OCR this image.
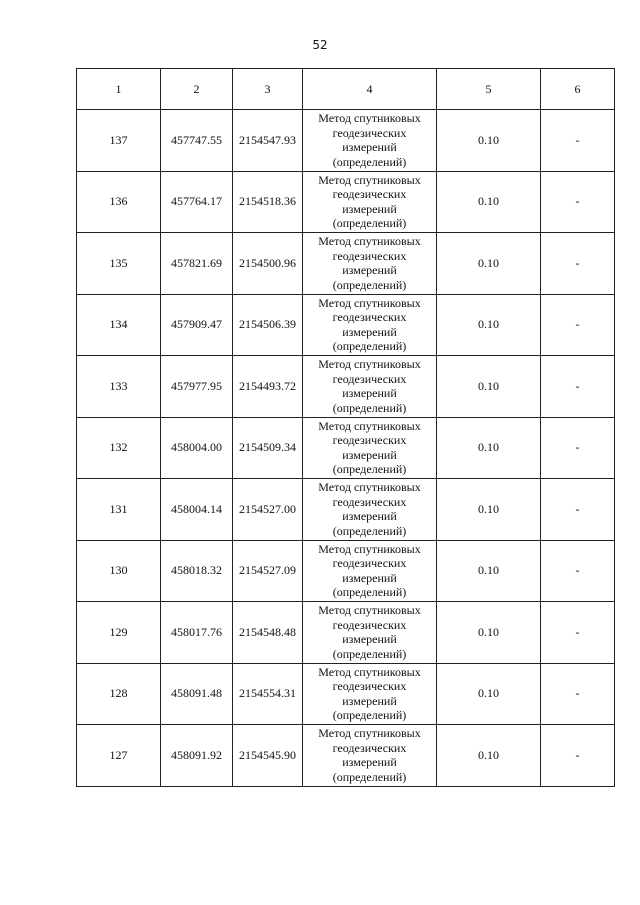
52
1	2	3	4	5	6
137	457747.55	2154547.93	Метод спутниковых
геодезических
измерений
(определений)	0.10	-
136	457764.17	2154518.36	Метод спутниковых
геодезических
измерений
(определений)	0.10	-
135	457821.69	2154500.96	Метод спутниковых
геодезических
измерений
(определений)	0.10	-
134	457909.47	2154506.39	Метод спутниковых
геодезических
измерений
(определений)	0.10	-
133	457977.95	2154493.72	Метод спутниковых
геодезических
измерений
(определений)	0.10	-
132	458004.00	2154509.34	Метод спутниковых
геодезических
измерений
(определений)	0.10	-
131	458004.14	2154527.00	Метод спутниковых
геодезических
измерений
(определений)	0.10	-
130	458018.32	2154527.09	Метод спутниковых
геодезических
измерений
(определений)	0.10	-
129	458017.76	2154548.48	Метод спутниковых
геодезических
измерений
(определений)	0.10	-
128	458091.48	2154554.31	Метод спутниковых
геодезических
измерений
(определений)	0.10	-
127	458091.92	2154545.90	Метод спутниковых
геодезических
измерений
(определений)	0.10	-
